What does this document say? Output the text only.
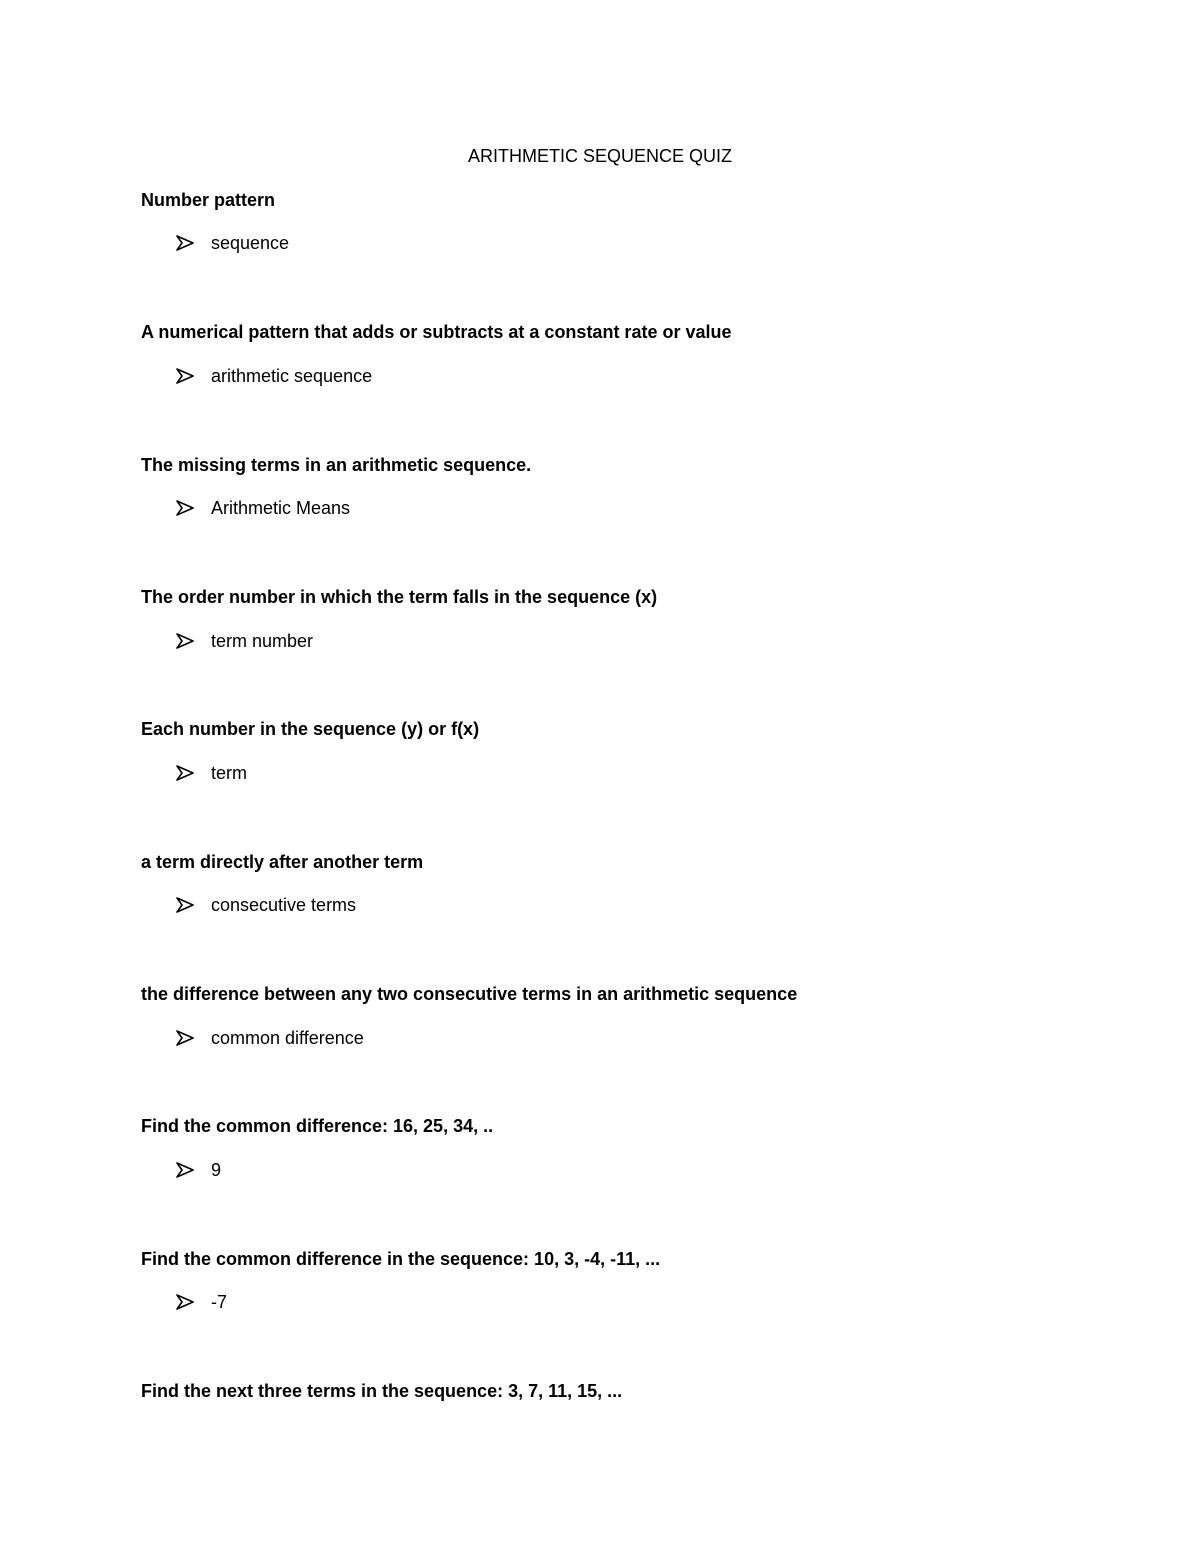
ARITHMETIC SEQUENCE QUIZ
Number pattern
sequence
A numerical pattern that adds or subtracts at a constant rate or value
arithmetic sequence
The missing terms in an arithmetic sequence.
Arithmetic Means
The order number in which the term falls in the sequence (x)
term number
Each number in the sequence (y) or f(x)
term
a term directly after another term
consecutive terms
the difference between any two consecutive terms in an arithmetic sequence
common difference
Find the common difference: 16, 25, 34, ..
9
Find the common difference in the sequence: 10, 3, -4, -11, ...
-7
Find the next three terms in the sequence: 3, 7, 11, 15, ...
